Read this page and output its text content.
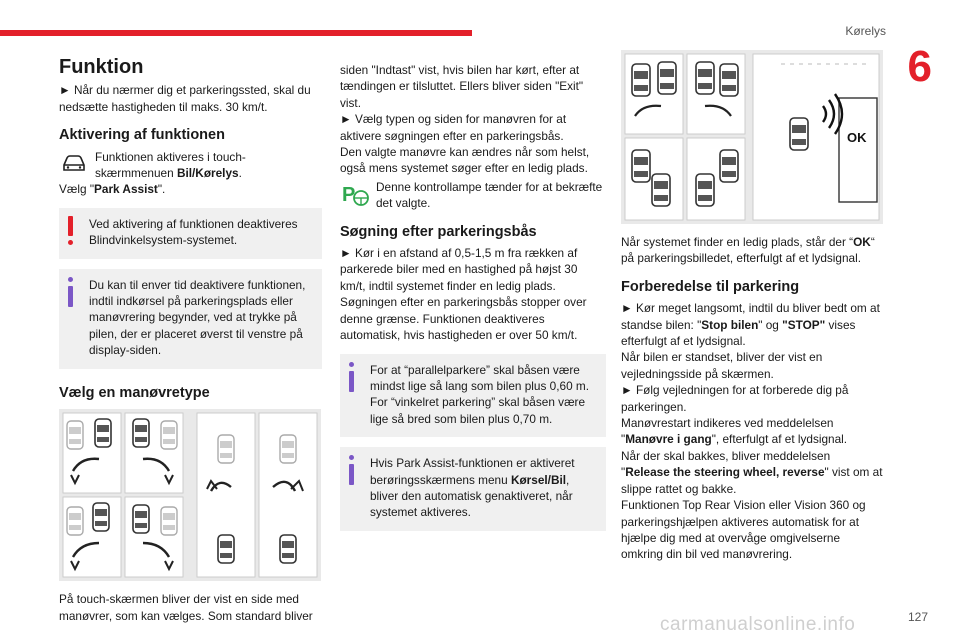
Kørelys
6
Funktion

► Når du nærmer dig et parkeringssted, skal du nedsætte hastigheden til maks. 30 km/t.

Aktivering af funktionen

Funktionen aktiveres i touch-skærmmenuen Bil/Kørelys.

Vælg "Park Assist".

Ved aktivering af funktionen deaktiveres Blindvinkelsystem-systemet.

Du kan til enver tid deaktivere funktionen, indtil indkørsel på parkeringsplads eller manøvrering begynder, ved at trykke på pilen, der er placeret øverst til venstre på display-siden.

Vælg en manøvretype

På touch-skærmen bliver der vist en side med manøvrer, som kan vælges. Som standard bliver

siden "Indtast" vist, hvis bilen har kørt, efter at tændingen er tilsluttet. Ellers bliver siden "Exit" vist.

► Vælg typen og siden for manøvren for at aktivere søgningen efter en parkeringsbås.

Den valgte manøvre kan ændres når som helst, også mens systemet søger efter en ledig plads.

P Denne kontrollampe tænder for at bekræfte det valgte.

Søgning efter parkeringsbås

► Kør i en afstand af 0,5-1,5 m fra rækken af parkerede biler med en hastighed på højst 30 km/t, indtil systemet finder en ledig plads. Søgningen efter en parkeringsbås stopper over denne grænse. Funktionen deaktiveres automatisk, hvis hastigheden er over 50 km/t.

For at “parallelparkere” skal båsen være mindst lige så lang som bilen plus 0,60 m.

For “vinkelret parkering” skal båsen være lige så bred som bilen plus 0,70 m.

Hvis Park Assist-funktionen er aktiveret berøringsskærmens menu Kørsel/Bil, bliver den automatisk genaktiveret, når systemet aktiveres.

OK

Når systemet finder en ledig plads, står der “OK“ på parkeringsbilledet, efterfulgt af et lydsignal.

Forberedelse til parkering

► Kør meget langsomt, indtil du bliver bedt om at standse bilen: "Stop bilen" og "STOP" vises efterfulgt af et lydsignal.

Når bilen er standset, bliver der vist en vejledningsside på skærmen.

► Følg vejledningen for at forberede dig på parkeringen.

Manøvrestart indikeres ved meddelelsen

"Manøvre i gang", efterfulgt af et lydsignal.

Når der skal bakkes, bliver meddelelsen

"Release the steering wheel, reverse" vist om at slippe rattet og bakke.

Funktionen Top Rear Vision eller Vision 360 og parkeringshjælpen aktiveres automatisk for at hjælpe dig med at overvåge omgivelserne omkring din bil ved manøvrering.

carmanualsonline.info	127
